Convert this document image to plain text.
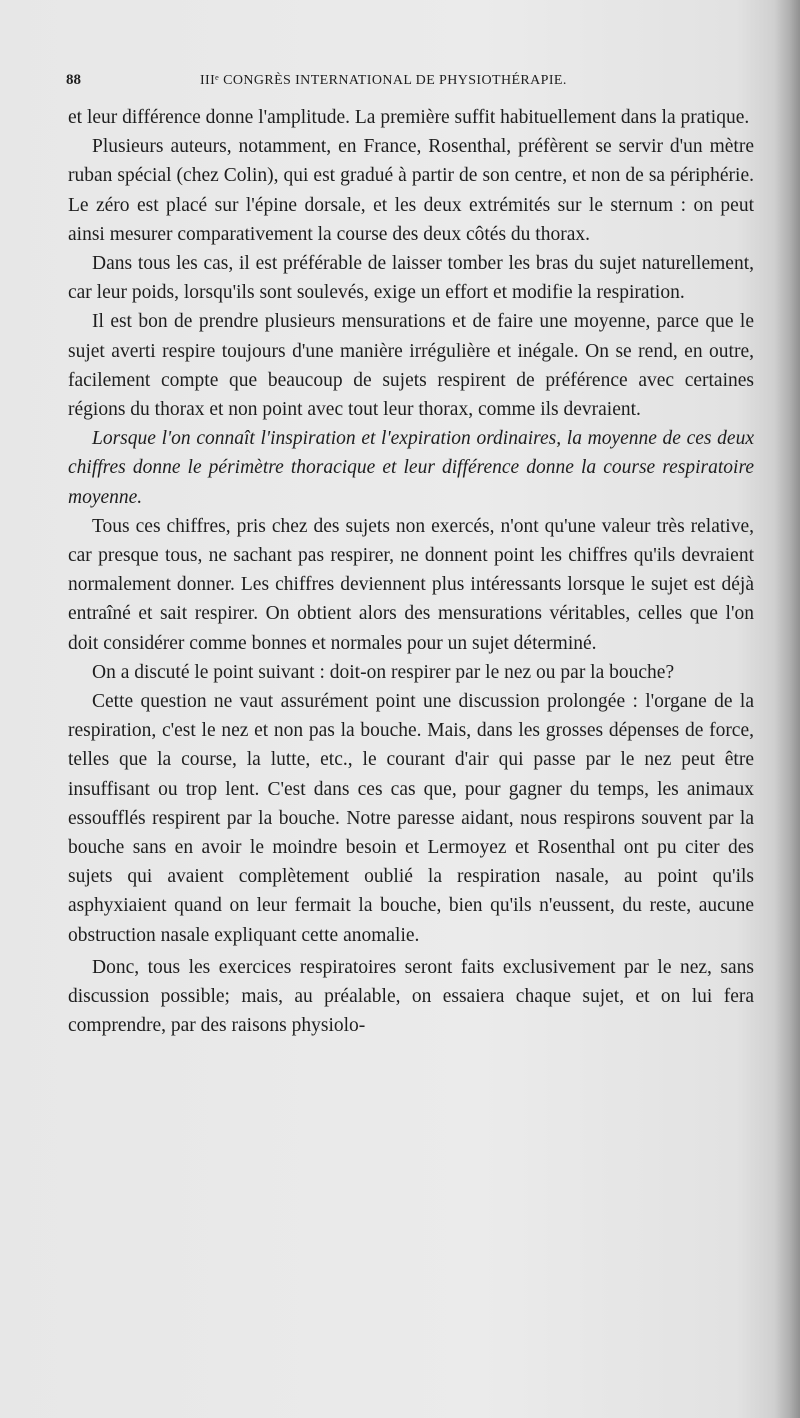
88	IIIᵉ CONGRÈS INTERNATIONAL DE PHYSIOTHÉRAPIE.

et leur différence donne l'amplitude. La première suffit habituellement dans la pratique.

Plusieurs auteurs, notamment, en France, Rosenthal, préfèrent se servir d'un mètre ruban spécial (chez Colin), qui est gradué à partir de son centre, et non de sa périphérie. Le zéro est placé sur l'épine dorsale, et les deux extrémités sur le sternum : on peut ainsi mesurer comparativement la course des deux côtés du thorax.

Dans tous les cas, il est préférable de laisser tomber les bras du sujet naturellement, car leur poids, lorsqu'ils sont soulevés, exige un effort et modifie la respiration.

Il est bon de prendre plusieurs mensurations et de faire une moyenne, parce que le sujet averti respire toujours d'une manière irrégulière et inégale. On se rend, en outre, facilement compte que beaucoup de sujets respirent de préférence avec certaines régions du thorax et non point avec tout leur thorax, comme ils devraient.

Lorsque l'on connaît l'inspiration et l'expiration ordinaires, la moyenne de ces deux chiffres donne le périmètre thoracique et leur différence donne la course respiratoire moyenne.

Tous ces chiffres, pris chez des sujets non exercés, n'ont qu'une valeur très relative, car presque tous, ne sachant pas respirer, ne donnent point les chiffres qu'ils devraient normalement donner. Les chiffres deviennent plus intéressants lorsque le sujet est déjà entraîné et sait respirer. On obtient alors des mensurations véritables, celles que l'on doit considérer comme bonnes et normales pour un sujet déterminé.

On a discuté le point suivant : doit-on respirer par le nez ou par la bouche?

Cette question ne vaut assurément point une discussion prolongée : l'organe de la respiration, c'est le nez et non pas la bouche. Mais, dans les grosses dépenses de force, telles que la course, la lutte, etc., le courant d'air qui passe par le nez peut être insuffisant ou trop lent. C'est dans ces cas que, pour gagner du temps, les animaux essoufflés respirent par la bouche. Notre paresse aidant, nous respirons souvent par la bouche sans en avoir le moindre besoin et Lermoyez et Rosenthal ont pu citer des sujets qui avaient complètement oublié la respiration nasale, au point qu'ils asphyxiaient quand on leur fermait la bouche, bien qu'ils n'eussent, du reste, aucune obstruction nasale expliquant cette anomalie.

Donc, tous les exercices respiratoires seront faits exclusivement par le nez, sans discussion possible; mais, au préalable, on essaiera chaque sujet, et on lui fera comprendre, par des raisons physiolo-
